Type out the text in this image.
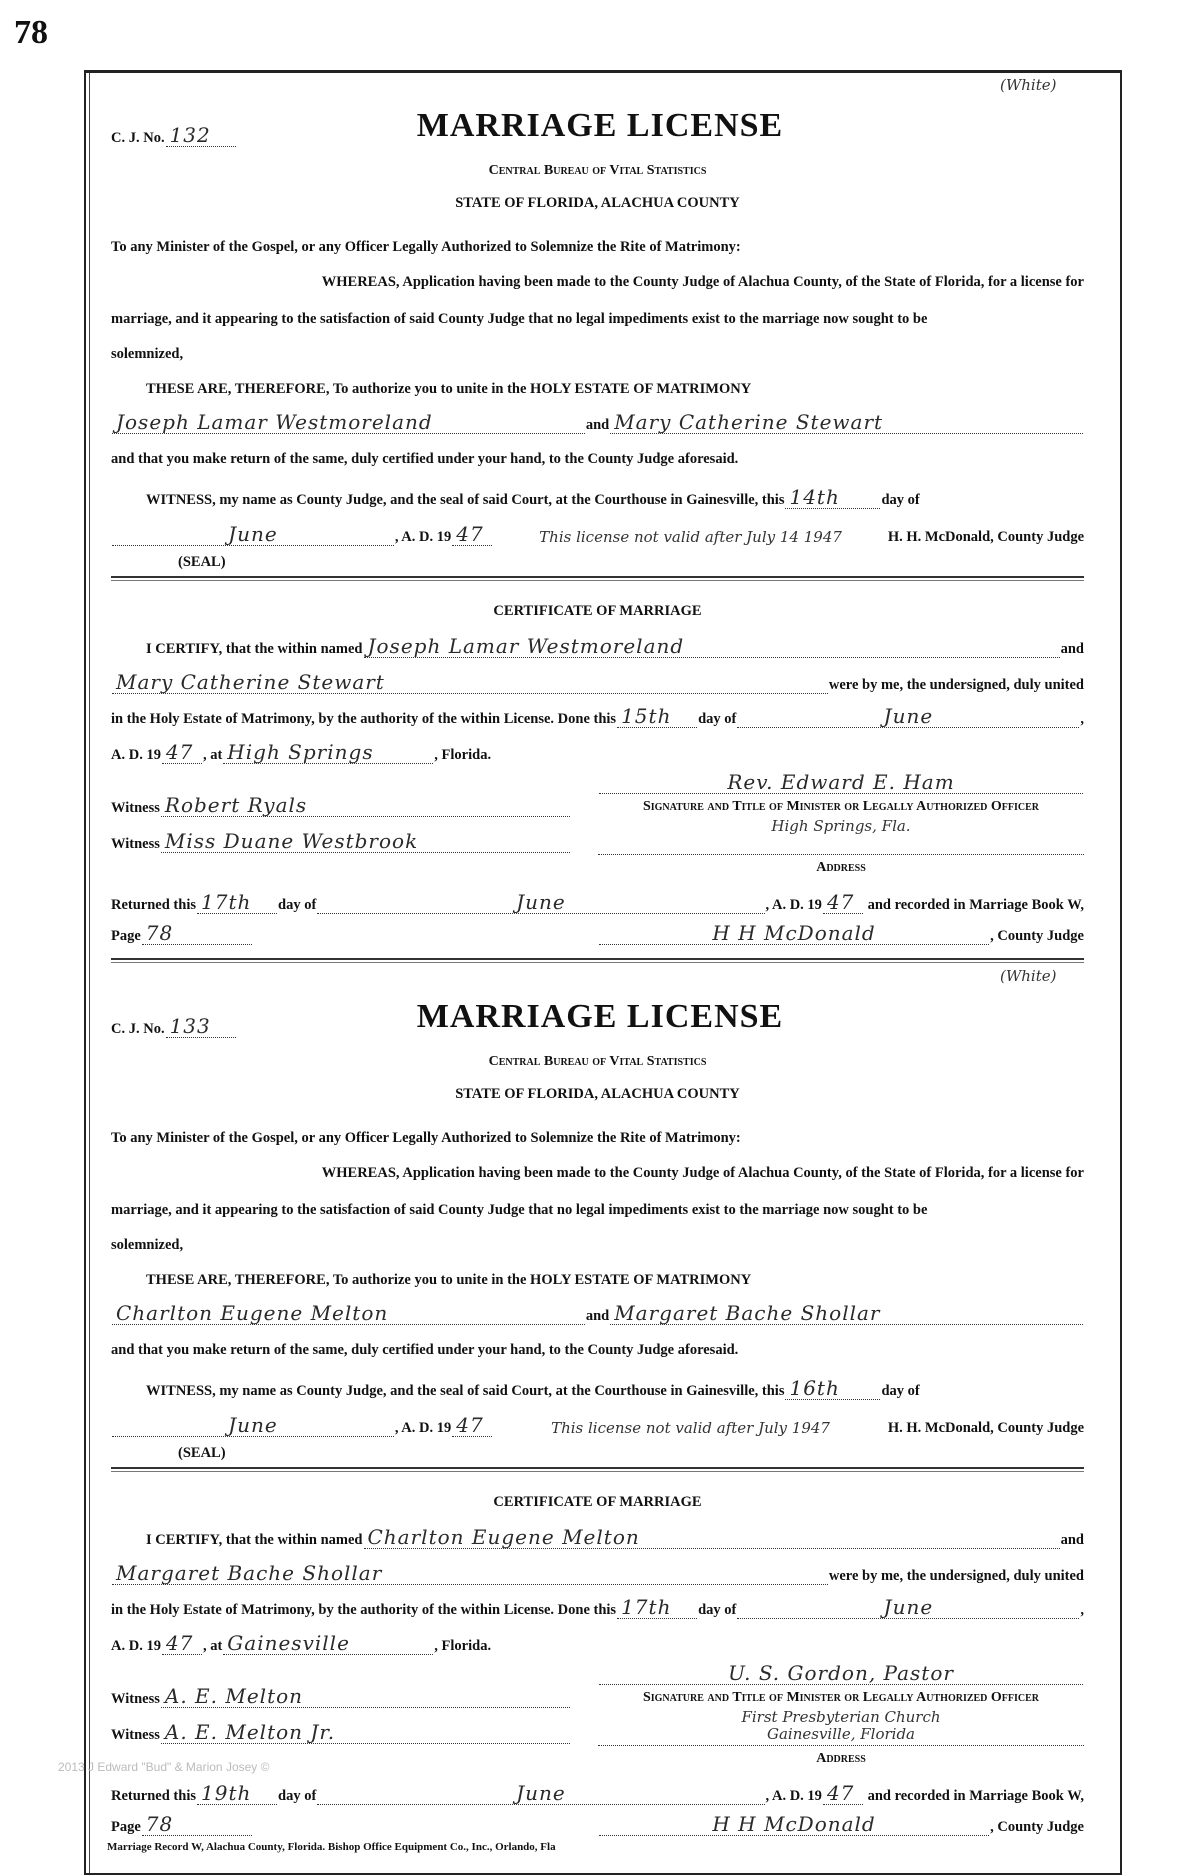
78
(White)
C. J. No. 132	MARRIAGE LICENSE
Central Bureau of Vital Statistics
STATE OF FLORIDA, ALACHUA COUNTY
To any Minister of the Gospel, or any Officer Legally Authorized to Solemnize the Rite of Matrimony:
WHEREAS, Application having been made to the County Judge of Alachua County, of the State of Florida, for a license for
marriage, and it appearing to the satisfaction of said County Judge that no legal impediments exist to the marriage now sought to be
solemnized,
THESE ARE, THEREFORE, To authorize you to unite in the HOLY ESTATE OF MATRIMONY
Joseph Lamar Westmoreland	and Mary Catherine Stewart
and that you make return of the same, duly certified under your hand, to the County Judge aforesaid.
WITNESS, my name as County Judge, and the seal of said Court, at the Courthouse in Gainesville, this 14th	day of
June	, A. D. 19 47	This license not valid after July 14 1947	H. H. McDonald, County Judge
(SEAL)
CERTIFICATE OF MARRIAGE
I CERTIFY, that the within named Joseph Lamar Westmoreland	and
Mary Catherine Stewart	were by me, the undersigned, duly united
in the Holy Estate of Matrimony, by the authority of the within License. Done this 15th day of	June	,
A. D. 19 47 , at High Springs	, Florida.
Rev. Edward E. Ham
Witness Robert Ryals	Signature and Title of Minister or Legally Authorized Officer
Witness Miss Duane Westbrook
High Springs, Fla.
Address
Returned this 17th day of	June	, A. D. 19 47
and recorded in Marriage Book W,
Page 78	H H McDonald	, County Judge
(White)
C. J. No. 133	MARRIAGE LICENSE
Central Bureau of Vital Statistics
STATE OF FLORIDA, ALACHUA COUNTY
To any Minister of the Gospel, or any Officer Legally Authorized to Solemnize the Rite of Matrimony:
WHEREAS, Application having been made to the County Judge of Alachua County, of the State of Florida, for a license for
marriage, and it appearing to the satisfaction of said County Judge that no legal impediments exist to the marriage now sought to be
solemnized,
THESE ARE, THEREFORE, To authorize you to unite in the HOLY ESTATE OF MATRIMONY
Charlton Eugene Melton	and Margaret Bache Shollar
and that you make return of the same, duly certified under your hand, to the County Judge aforesaid.
WITNESS, my name as County Judge, and the seal of said Court, at the Courthouse in Gainesville, this 16th	day of
June	, A. D. 19 47	This license not valid after July 1947	H. H. McDonald, County Judge
(SEAL)
CERTIFICATE OF MARRIAGE
I CERTIFY, that the within named Charlton Eugene Melton	and
Margaret Bache Shollar	were by me, the undersigned, duly united
in the Holy Estate of Matrimony, by the authority of the within License. Done this 17th day of	June	,
A. D. 19 47 , at Gainesville	, Florida.
U. S. Gordon, Pastor
Witness A. E. Melton	Signature and Title of Minister or Legally Authorized Officer
Witness A. E. Melton Jr.
First Presbyterian Church
Gainesville, Florida
Address
Returned this 19th day of	June	, A. D. 19 47
and recorded in Marriage Book W,
Page 78	H H McDonald	, County Judge
2013 J Edward "Bud" & Marion Josey ©
Marriage Record W, Alachua County, Florida. Bishop Office Equipment Co., Inc., Orlando, Fla
